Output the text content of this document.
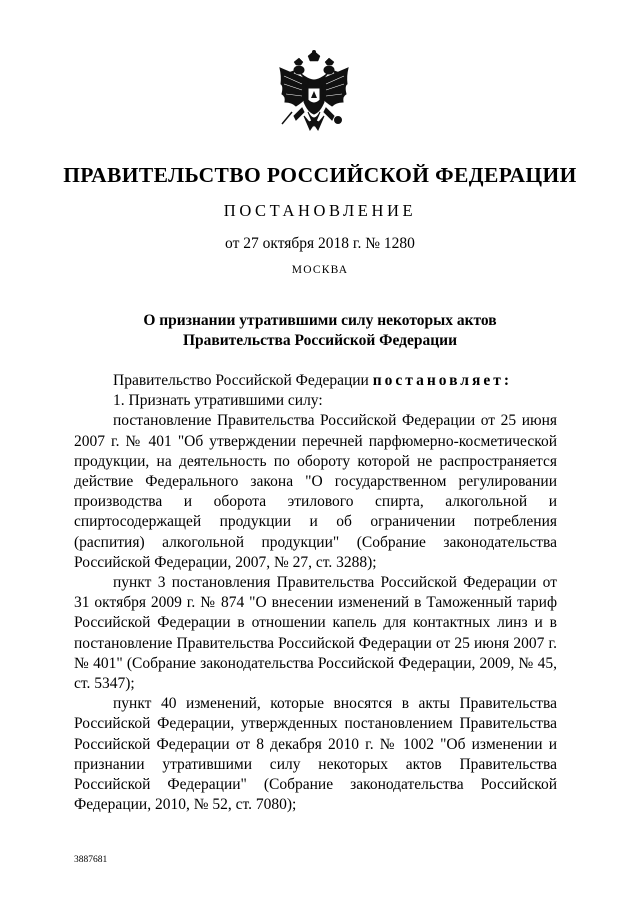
ПРАВИТЕЛЬСТВО РОССИЙСКОЙ ФЕДЕРАЦИИ
ПОСТАНОВЛЕНИЕ
от 27 октября 2018 г. № 1280
МОСКВА
О признании утратившими силу некоторых актов
Правительства Российской Федерации

Правительство Российской Федерации постановляет:

1. Признать утратившими силу:

постановление Правительства Российской Федерации от 25 июня 2007 г. № 401 "Об утверждении перечней парфюмерно-косметической продукции, на деятельность по обороту которой не распространяется действие Федерального закона "О государственном регулировании производства и оборота этилового спирта, алкогольной и спиртосодержащей продукции и об ограничении потребления (распития) алкогольной продукции" (Собрание законодательства Российской Федерации, 2007, № 27, ст. 3288);

пункт 3 постановления Правительства Российской Федерации от 31 октября 2009 г. № 874 "О внесении изменений в Таможенный тариф Российской Федерации в отношении капель для контактных линз и в постановление Правительства Российской Федерации от 25 июня 2007 г. № 401" (Собрание законодательства Российской Федерации, 2009, № 45, ст. 5347);

пункт 40 изменений, которые вносятся в акты Правительства Российской Федерации, утвержденных постановлением Правительства Российской Федерации от 8 декабря 2010 г. № 1002 "Об изменении и признании утратившими силу некоторых актов Правительства Российской Федерации" (Собрание законодательства Российской Федерации, 2010, № 52, ст. 7080);

3887681
